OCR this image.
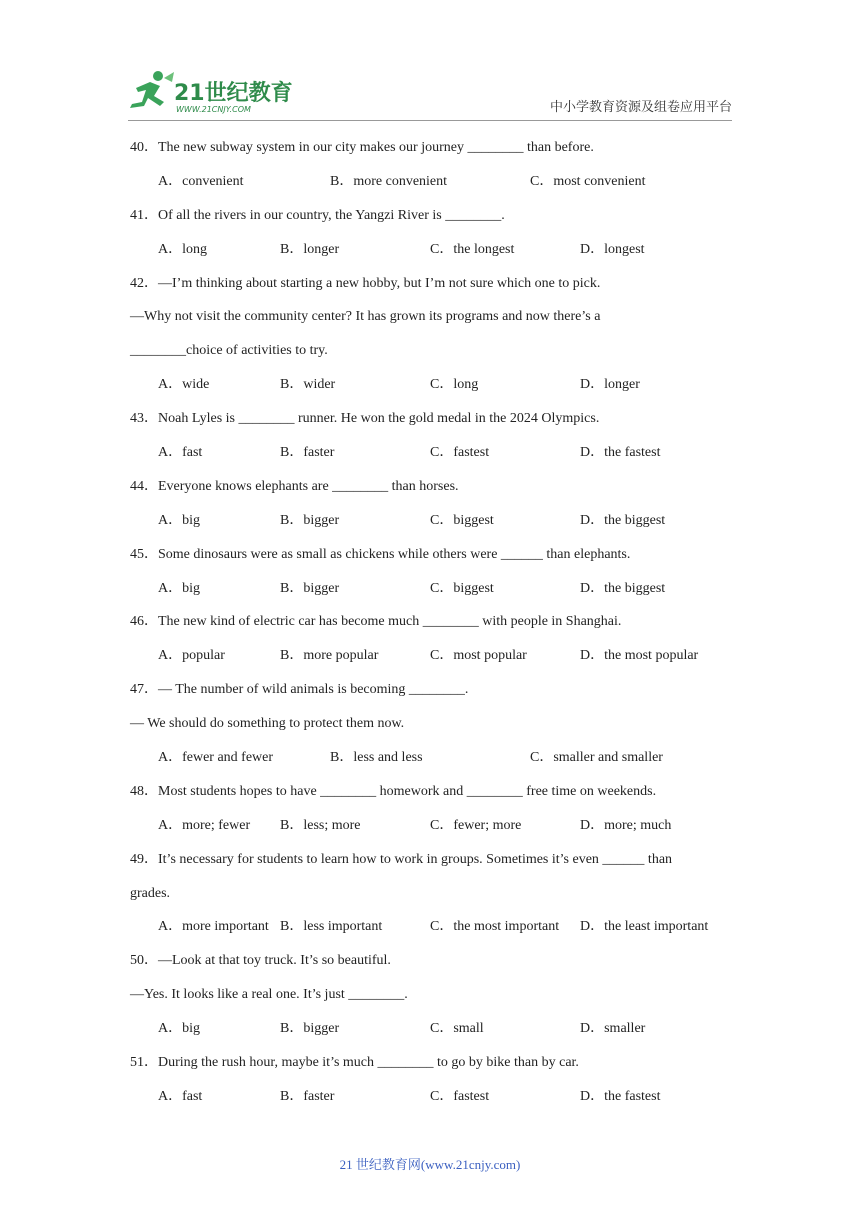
21世纪教育
WWW.21CNJY.COM	中小学教育资源及组卷应用平台
40．The new subway system in our city makes our journey ________ than before.
A．convenient	B．more convenient	C．most convenient
41．Of all the rivers in our country, the Yangzi River is ________.
A．long	B．longer	C．the longest	D．longest
42．—I’m thinking about starting a new hobby, but I’m not sure which one to pick.
—Why not visit the community center? It has grown its programs and now there’s a
________choice of activities to try.
A．wide	B．wider	C．long	D．longer
43．Noah Lyles is ________ runner. He won the gold medal in the 2024 Olympics.
A．fast	B．faster	C．fastest	D．the fastest
44．Everyone knows elephants are ________ than horses.
A．big	B．bigger	C．biggest	D．the biggest
45．Some dinosaurs were as small as chickens while others were ______ than elephants.
A．big	B．bigger	C．biggest	D．the biggest
46．The new kind of electric car has become much ________ with people in Shanghai.
A．popular	B．more popular	C．most popular	D．the most popular
47．— The number of wild animals is becoming ________.
— We should do something to protect them now.
A．fewer and fewer	B．less and less	C．smaller and smaller
48．Most students hopes to have ________ homework and ________ free time on weekends.
A．more; fewer B．less; more	C．fewer; more	D．more; much
49．It’s necessary for students to learn how to work in groups. Sometimes it’s even ______ than
grades.
A．more important B．less important	C．the most important D．the least important
50．—Look at that toy truck. It’s so beautiful.
—Yes. It looks like a real one. It’s just ________.
A．big	B．bigger	C．small	D．smaller
51．During the rush hour, maybe it’s much ________ to go by bike than by car.
A．fast	B．faster	C．fastest	D．the fastest
21 世纪教育网(www.21cnjy.com)
